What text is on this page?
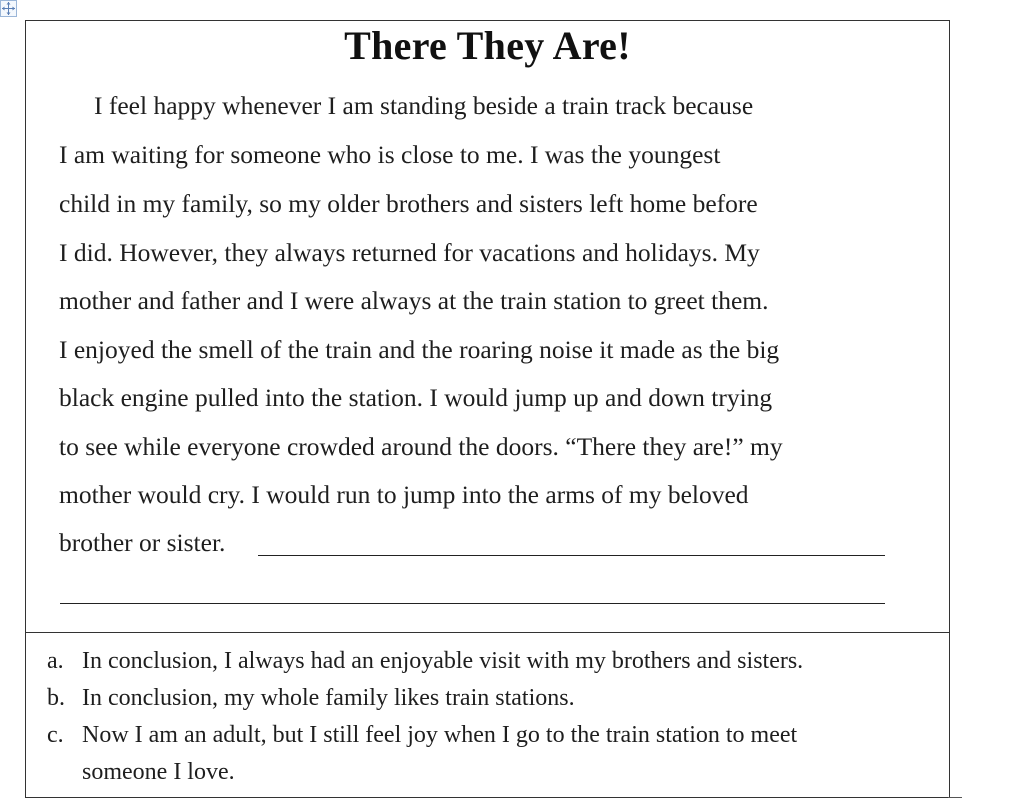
There They Are!
I feel happy whenever I am standing beside a train track because
I am waiting for someone who is close to me. I was the youngest
child in my family, so my older brothers and sisters left home before
I did. However, they always returned for vacations and holidays. My
mother and father and I were always at the train station to greet them.
I enjoyed the smell of the train and the roaring noise it made as the big
black engine pulled into the station. I would jump up and down trying
to see while everyone crowded around the doors. “There they are!” my
mother would cry. I would run to jump into the arms of my beloved
brother or sister.
a. In conclusion, I always had an enjoyable visit with my brothers and sisters.
b. In conclusion, my whole family likes train stations.
c. Now I am an adult, but I still feel joy when I go to the train station to meet
someone I love.
